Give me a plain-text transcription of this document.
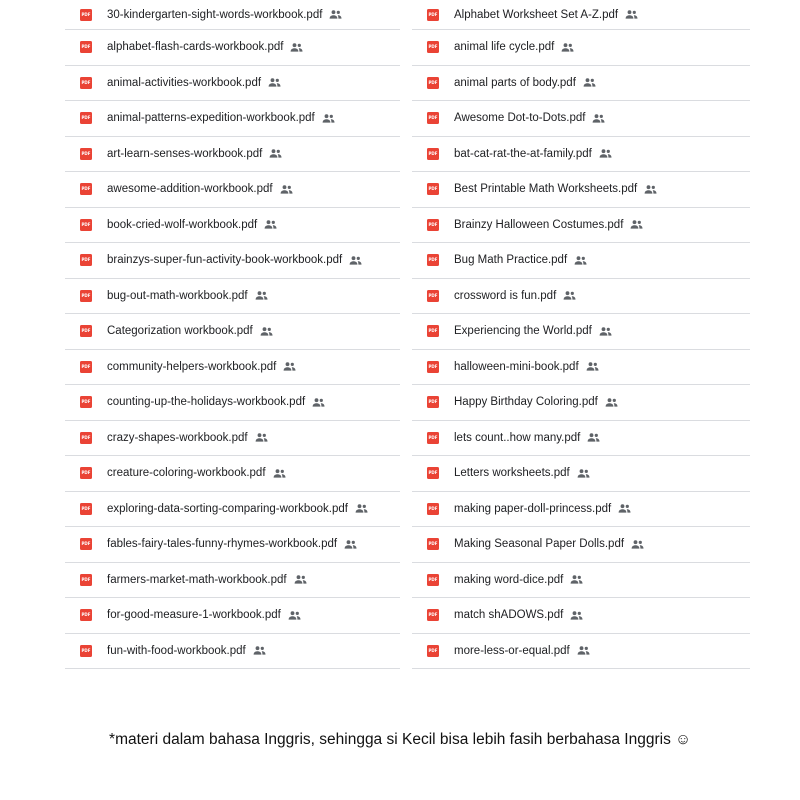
PDF 30-kindergarten-sight-words-workbook.pdf
PDF alphabet-flash-cards-workbook.pdf
PDF animal-activities-workbook.pdf
PDF animal-patterns-expedition-workbook.pdf
PDF art-learn-senses-workbook.pdf
PDF awesome-addition-workbook.pdf
PDF book-cried-wolf-workbook.pdf
PDF brainzys-super-fun-activity-book-workbook.pdf
PDF bug-out-math-workbook.pdf
PDF Categorization workbook.pdf
PDF community-helpers-workbook.pdf
PDF counting-up-the-holidays-workbook.pdf
PDF crazy-shapes-workbook.pdf
PDF creature-coloring-workbook.pdf
PDF exploring-data-sorting-comparing-workbook.pdf
PDF fables-fairy-tales-funny-rhymes-workbook.pdf
PDF farmers-market-math-workbook.pdf
PDF for-good-measure-1-workbook.pdf
PDF fun-with-food-workbook.pdf
PDF Alphabet Worksheet Set A-Z.pdf
PDF animal life cycle.pdf
PDF animal parts of body.pdf
PDF Awesome Dot-to-Dots.pdf
PDF bat-cat-rat-the-at-family.pdf
PDF Best Printable Math Worksheets.pdf
PDF Brainzy Halloween Costumes.pdf
PDF Bug Math Practice.pdf
PDF crossword is fun.pdf
PDF Experiencing the World.pdf
PDF halloween-mini-book.pdf
PDF Happy Birthday Coloring.pdf
PDF lets count..how many.pdf
PDF Letters worksheets.pdf
PDF making paper-doll-princess.pdf
PDF Making Seasonal Paper Dolls.pdf
PDF making word-dice.pdf
PDF match shADOWS.pdf
PDF more-less-or-equal.pdf
*materi dalam bahasa Inggris, sehingga si Kecil bisa lebih fasih berbahasa Inggris ☺
